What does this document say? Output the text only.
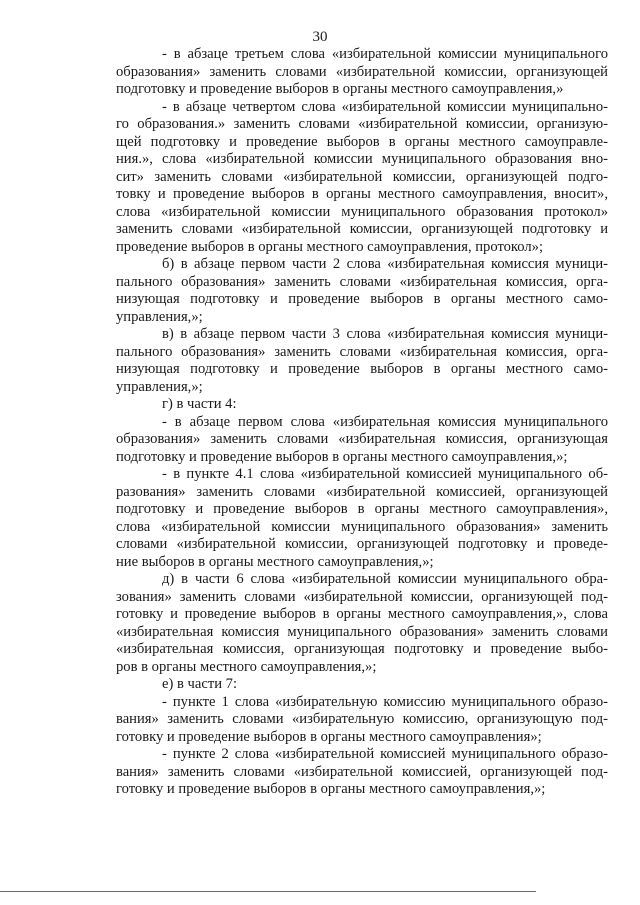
30
- в абзаце третьем слова «избирательной комиссии муниципального
образования» заменить словами «избирательной комиссии, организующей
подготовку и проведение выборов в органы местного самоуправления,»
- в абзаце четвертом слова «избирательной комиссии муниципально-
го образования.» заменить словами «избирательной комиссии, организую-
щей подготовку и проведение выборов в органы местного самоуправле-
ния.», слова «избирательной комиссии муниципального образования вно-
сит» заменить словами «избирательной комиссии, организующей подго-
товку и проведение выборов в органы местного самоуправления, вносит»,
слова «избирательной комиссии муниципального образования протокол»
заменить словами «избирательной комиссии, организующей подготовку и
проведение выборов в органы местного самоуправления, протокол»;
б) в абзаце первом части 2 слова «избирательная комиссия муници-
пального образования» заменить словами «избирательная комиссия, орга-
низующая подготовку и проведение выборов в органы местного само-
управления,»;
в) в абзаце первом части 3 слова «избирательная комиссия муници-
пального образования» заменить словами «избирательная комиссия, орга-
низующая подготовку и проведение выборов в органы местного само-
управления,»;
г) в части 4:
- в абзаце первом слова «избирательная комиссия муниципального
образования» заменить словами «избирательная комиссия, организующая
подготовку и проведение выборов в органы местного самоуправления,»;
- в пункте 4.1 слова «избирательной комиссией муниципального об-
разования» заменить словами «избирательной комиссией, организующей
подготовку и проведение выборов в органы местного самоуправления»,
слова «избирательной комиссии муниципального образования» заменить
словами «избирательной комиссии, организующей подготовку и проведе-
ние выборов в органы местного самоуправления,»;
д) в части 6 слова «избирательной комиссии муниципального обра-
зования» заменить словами «избирательной комиссии, организующей под-
готовку и проведение выборов в органы местного самоуправления,», слова
«избирательная комиссия муниципального образования» заменить словами
«избирательная комиссия, организующая подготовку и проведение выбо-
ров в органы местного самоуправления,»;
е) в части 7:
- пункте 1 слова «избирательную комиссию муниципального образо-
вания» заменить словами «избирательную комиссию, организующую под-
готовку и проведение выборов в органы местного самоуправления»;
- пункте 2 слова «избирательной комиссией муниципального образо-
вания» заменить словами «избирательной комиссией, организующей под-
готовку и проведение выборов в органы местного самоуправления,»;
